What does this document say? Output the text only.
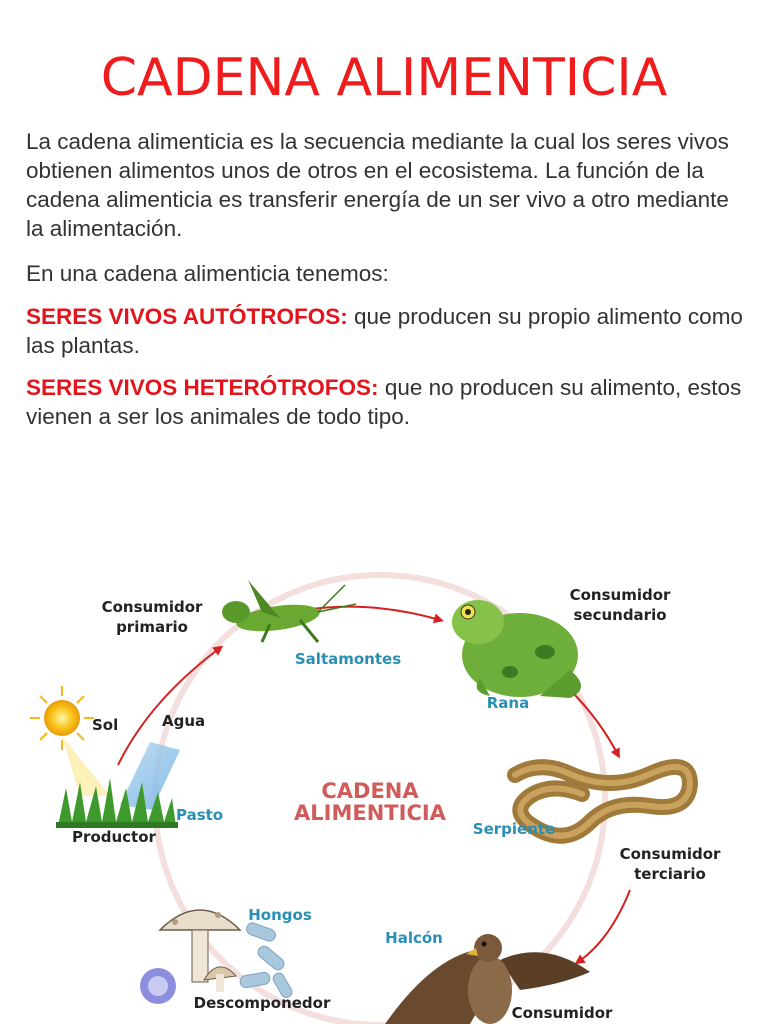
CADENA ALIMENTICIA
La cadena alimenticia es la secuencia mediante la cual los seres vivos obtienen alimentos unos de otros en el ecosistema. La función de la cadena alimenticia es transferir energía de un ser vivo a otro mediante la alimentación.
En una cadena alimenticia tenemos:
SERES VIVOS AUTÓTROFOS: que producen su propio alimento como las plantas.
SERES VIVOS HETERÓTROFOS: que no producen su alimento, estos vienen a ser los animales de todo tipo.
CADENA
ALIMENTICIA
Consumidor
primario
Saltamontes
Consumidor
secundario
Rana
Sol	Agua
Pasto
Productor	Serpiente
Consumidor
terciario
Hongos
Descomponedor
Halcón
Consumidor
